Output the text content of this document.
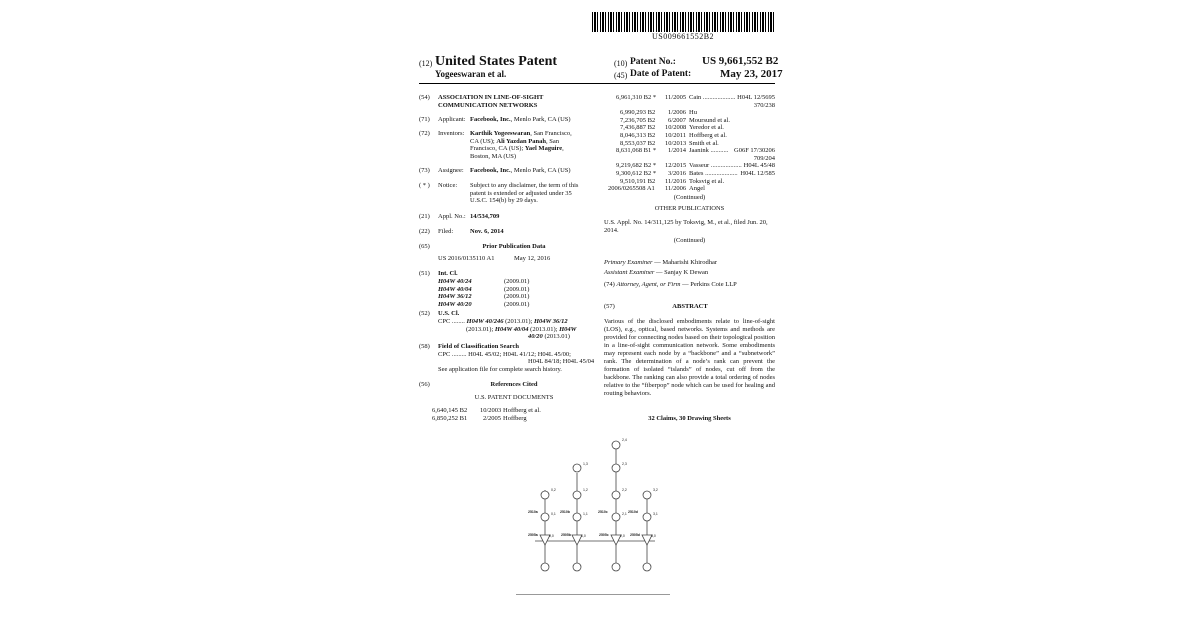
US009661552B2
(12) United States Patent
Yogeeswaran et al.
(10) Patent No.: US 9,661,552 B2
(45) Date of Patent:	May 23, 2017
(54) ASSOCIATION IN LINE-OF-SIGHT
COMMUNICATION NETWORKS
(71) Applicant: Facebook, Inc., Menlo Park, CA (US)
(72) Inventors: Karthik Yogeeswaran, San Francisco,
CA (US); Ali Yazdan Panah, San
Francisco, CA (US); Yael Maguire,
Boston, MA (US)
(73) Assignee: Facebook, Inc., Menlo Park, CA (US)
( * ) Notice: Subject to any disclaimer, the term of this
patent is extended or adjusted under 35
U.S.C. 154(b) by 29 days.
(21) Appl. No.: 14/534,709
(22) Filed:	Nov. 6, 2014
(65)	Prior Publication Data
US 2016/0135110 A1	May 12, 2016
(51) Int. Cl.
H04W 40/24	(2009.01)
H04W 40/04	(2009.01)
H04W 36/12	(2009.01)
H04W 40/20	(2009.01)
(52) U.S. Cl.
CPC ........ H04W 40/246 (2013.01); H04W 36/12
(2013.01); H04W 40/04 (2013.01); H04W
40/20 (2013.01)
(58) Field of Classification Search
CPC ......... H04L 45/02; H04L 41/12; H04L 45/00;
H04L 84/18; H04L 45/04
See application file for complete search history.
(56)	References Cited
U.S. PATENT DOCUMENTS
6,640,145 B2 10/2003 Hoffberg et al.
6,850,252 B1 2/2005 Hoffberg
6,961,310 B2 * 11/2005 Cain .................... H04L 12/5695
370/238
6,990,293 B2 1/2006 Hu
7,236,705 B2 6/2007 Moursund et al.
7,436,887 B2 10/2008 Yeredor et al.
8,046,313 B2 10/2011 Hoffberg et al.
8,553,037 B2 10/2013 Smith et al.
8,631,068 B1 * 1/2014 Jaanink ........... G06F 17/30206
709/204
9,219,682 B2 * 12/2015 Vasseur ................... H04L 45/48
9,300,612 B2 * 3/2016 Bates .................... H04L 12/585
9,510,191 B2 11/2016 Toksvig et al.
2006/0265508 A1 11/2006 Angel
(Continued)
OTHER PUBLICATIONS
U.S. Appl. No. 14/311,125 by Toksvig, M., et al., filed Jun. 20,
2014.
(Continued)
Primary Examiner — Maharishi Khirodhar
Assistant Examiner — Sanjay K Dewan
(74) Attorney, Agent, or Firm — Perkins Coie LLP
(57)	ABSTRACT
Various of the disclosed embodiments relate to line-of-sight (LOS), e.g., optical, based networks. Systems and methods are provided for connecting nodes based on their topological position in a line-of-sight communication network. Some embodiments may represent each node by a “backbone” and a “subnetwork” rank. The determination of a node’s rank can prevent the formation of isolated “islands” of nodes, cut off from the backbone. The ranking can also provide a total ordering of nodes relative to the “fiberpop” node which can be used for healing and routing behaviors.
32 Claims, 30 Drawing Sheets
2,4
2,3
1,3
2,2
1,2	3,2
0,2
2,1
1,1
0,1	3,1
2,0
1,0
0,0	3,0
2510a	2510b	2510c	2510d
2505a	2505b	2505c	2505d
